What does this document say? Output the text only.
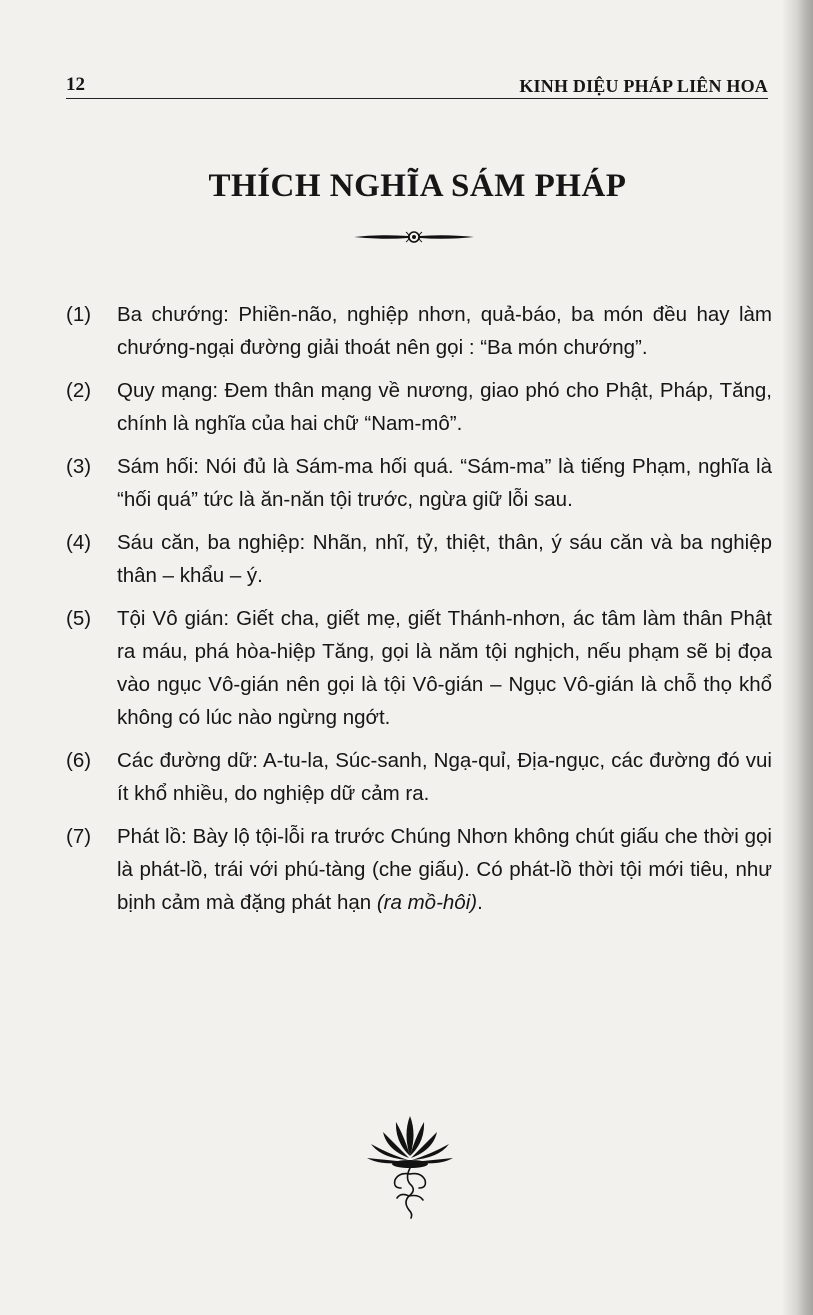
12	KINH DIỆU PHÁP LIÊN HOA
THÍCH NGHĨA SÁM PHÁP
(1) Ba chướng: Phiền-não, nghiệp nhơn, quả-báo, ba món đều hay làm chướng-ngại đường giải thoát nên gọi : “Ba món chướng”.
(2) Quy mạng: Đem thân mạng về nương, giao phó cho Phật, Pháp, Tăng, chính là nghĩa của hai chữ “Nam-mô”.
(3) Sám hối: Nói đủ là Sám-ma hối quá. “Sám-ma” là tiếng Phạm, nghĩa là “hối quá” tức là ăn-năn tội trước, ngừa giữ lỗi sau.
(4) Sáu căn, ba nghiệp: Nhãn, nhĩ, tỷ, thiệt, thân, ý sáu căn và ba nghiệp thân – khẩu – ý.
(5) Tội Vô gián: Giết cha, giết mẹ, giết Thánh-nhơn, ác tâm làm thân Phật ra máu, phá hòa-hiệp Tăng, gọi là năm tội nghịch, nếu phạm sẽ bị đọa vào ngục Vô-gián nên gọi là tội Vô-gián – Ngục Vô-gián là chỗ thọ khổ không có lúc nào ngừng ngớt.
(6) Các đường dữ: A-tu-la, Súc-sanh, Ngạ-quỉ, Địa-ngục, các đường đó vui ít khổ nhiều, do nghiệp dữ cảm ra.
(7) Phát lồ: Bày lộ tội-lỗi ra trước Chúng Nhơn không chút giấu che thời gọi là phát-lồ, trái với phú-tàng (che giấu). Có phát-lồ thời tội mới tiêu, như bịnh cảm mà đặng phát hạn (ra mồ-hôi).
